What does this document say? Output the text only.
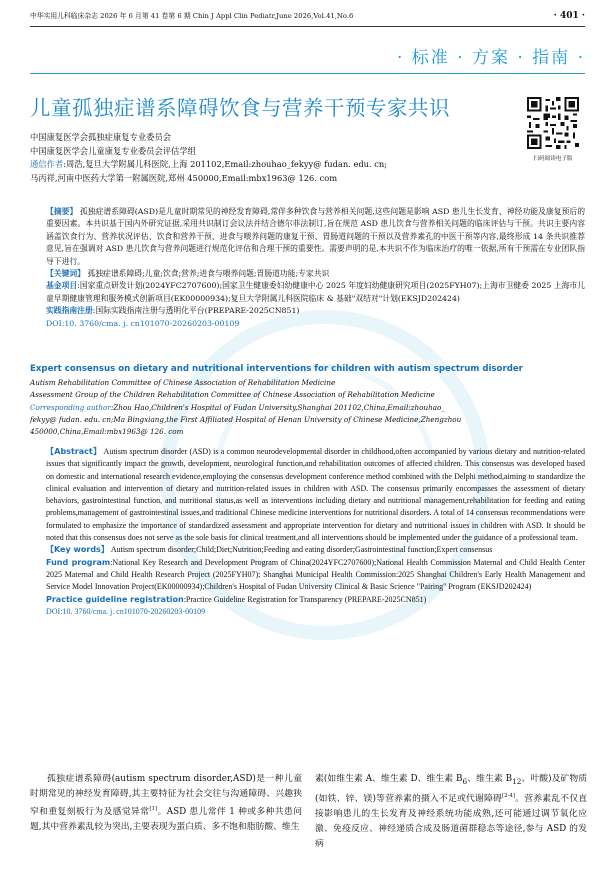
中华实用儿科临床杂志 2026 年 6 月第 41 卷第 6 期 Chin J Appl Clin Pediatr,June 2026,Vol.41,No.6	· 401 ·
· 标准 · 方案 · 指南 ·
儿童孤独症谱系障碍饮食与营养干预专家共识
扫码阅读电子版
中国康复医学会孤独症康复专业委员会
中国康复医学会儿童康复专业委员会评估学组
通信作者:周浩,复旦大学附属儿科医院,上海 201102,Email:zhouhao_fekyy@ fudan. edu. cn;
马丙祥,河南中医药大学第一附属医院,郑州 450000,Email:mbx1963@ 126. com

【摘要】 孤独症谱系障碍(ASD)是儿童时期常见的神经发育障碍,常伴多种饮食与营养相关问题,这些问题是影响 ASD 患儿生长发育、神经功能及康复预后的重要因素。本共识基于国内外研究证据,采用共识制订会议法并结合德尔菲法制订,旨在规范 ASD 患儿饮食与营养相关问题的临床评估与干预。共识主要内容涵盖饮食行为、营养状况评估、饮食和营养干预、进食与喂养问题的康复干预、胃肠道问题的干预以及营养素孔的中医干预等内容,最终形成 14 条共识推荐意见,旨在强调对 ASD 患儿饮食与营养问题进行规范化评估和合理干预的重要性。需要声明的是,本共识不作为临床治疗的唯一依据,所有干预需在专业团队指导下进行。

【关键词】 孤独症谱系障碍;儿童;饮食;营养;进食与喂养问题;胃肠道功能;专家共识

基金项目:国家重点研发计划(2024YFC2707600);国家卫生健康委妇幼健康中心 2025 年度妇幼健康研究项目(2025FYH07);上海市卫健委 2025 上海市儿童早期健康管理和服务模式创新项目(EK00000934);复旦大学附属儿科医院临床 & 基础"双结对"计划(EKSJD202424)

实践指南注册:国际实践指南注册与透明化平台(PREPARE-2025CN851)

DOI:10. 3760/cma. j. cn101070-20260203-00109

Expert consensus on dietary and nutritional interventions for children with autism spectrum disorder
Autism Rehabilitation Committee of Chinese Association of Rehabilitation Medicine
Assessment Group of the Children Rehabilitation Committee of Chinese Association of Rehabilitation Medicine
Corresponding author:Zhou Hao,Children's Hospital of Fudan University,Shanghai 201102,China,Email:zhouhao_
fekyy@ fudan. edu. cn;Ma Bingxiang,the First Affiliated Hospital of Henan University of Chinese Medicine,Zhengzhou
450000,China,Email:mbx1963@ 126. com

【Abstract】 Autism spectrum disorder (ASD) is a common neurodevelopmental disorder in childhood,often accompanied by various dietary and nutrition-related issues that significantly impact the growth, development, neurological function,and rehabilitation outcomes of affected children. This consensus was developed based on domestic and international research evidence,employing the consensus development conference method combined with the Delphi method,aiming to standardize the clinical evaluation and intervention of dietary and nutrition-related issues in children with ASD. The consensus primarily encompasses the assessment of dietary behaviors, gastrointestinal function, and nutritional status,as well as interventions including dietary and nutritional management,rehabilitation for feeding and eating problems,management of gastrointestinal issues,and traditional Chinese medicine interventions for nutritional disorders. A total of 14 consensus recommendations were formulated to emphasize the importance of standardized assessment and appropriate intervention for dietary and nutritional issues in children with ASD. It should be noted that this consensus does not serve as the sole basis for clinical treatment,and all interventions should be implemented under the guidance of a professional team.

【Key words】 Autism spectrum disorder;Child;Diet;Nutrition;Feeding and eating disorder;Gastrointestinal function;Expert consensus

Fund program:National Key Research and Development Program of China(2024YFC2707600);National Health Commission Maternal and Child Health Center 2025 Maternal and Child Health Research Project (2025FYH07); Shanghai Municipal Health Commission:2025 Shanghai Children's Early Health Management and Service Model Innovation Project(EK00000934);Children's Hospital of Fudan University Clinical & Basic Science "Pairing" Program (EKSJD202424)

Practice guideline registration:Practice Guideline Registration for Transparency (PREPARE-2025CN851)

DOI:10. 3760/cma. j. cn101070-20260203-00109

孤独症谱系障碍(autism spectrum disorder,ASD)是一种儿童时期常见的神经发育障碍,其主要特征为社会交往与沟通障碍、兴趣狭窄和重复刻板行为及感觉异常[1]。ASD 患儿常伴 1 种或多种共患问题,其中营养素乱较为突出,主要表现为蛋白质、多不饱和脂肪酸、维生
素(如维生素 A、维生素 D、维生素 $B_6$、维生素 $B_{12}$、叶酸)及矿物质(如铁、锌、镁)等营养素的摄入不足或代谢障碍[2-4]。营养素乱不仅直接影响患儿的生长发育及神经系统功能成熟,还可能通过调节氧化应激、免疫反应、神经递质合成及肠道菌群稳态等途径,参与 ASD 的发病
